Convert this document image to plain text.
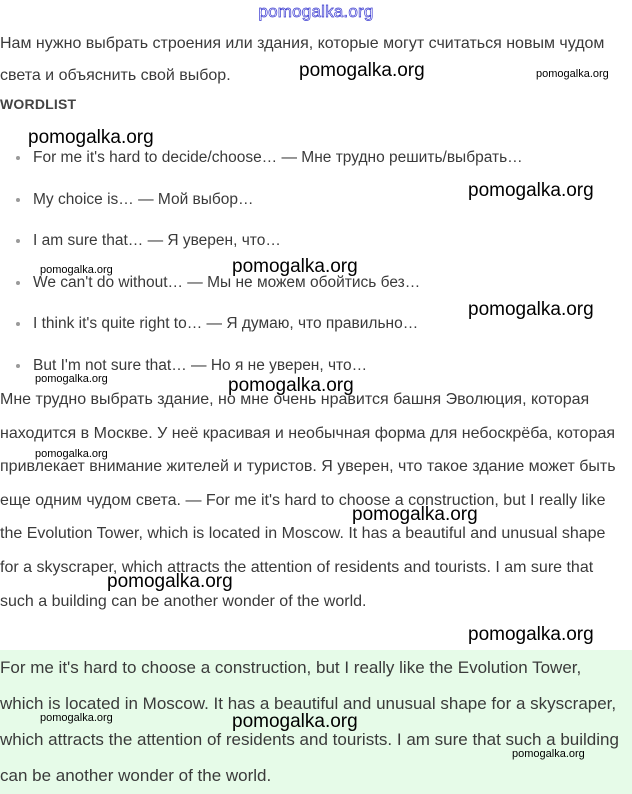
pomogalka.org

Нам нужно выбрать строения или здания, которые могут считаться новым чудом света и объяснить свой выбор.

WORDLIST

For me it's hard to decide/choose… — Мне трудно решить/выбрать…
My choice is… — Мой выбор…
I am sure that… — Я уверен, что…
We can't do without… — Мы не можем обойтись без…
I think it's quite right to… — Я думаю, что правильно…
But I'm not sure that… — Но я не уверен, что…

Мне трудно выбрать здание, но мне очень нравится башня Эволюция, которая находится в Москве. У неё красивая и необычная форма для небоскрёба, которая привлекает внимание жителей и туристов. Я уверен, что такое здание может быть еще одним чудом света. — For me it's hard to choose a construction, but I really like the Evolution Tower, which is located in Moscow. It has a beautiful and unusual shape for a skyscraper, which attracts the attention of residents and tourists. I am sure that such a building can be another wonder of the world.

For me it's hard to choose a construction, but I really like the Evolution Tower, which is located in Moscow. It has a beautiful and unusual shape for a skyscraper, which attracts the attention of residents and tourists. I am sure that such a building can be another wonder of the world.
pomogalka.org	pomogalka.org
pomogalka.org
pomogalka.org
pomogalka.org	pomogalka.org
pomogalka.org
pomogalka.org	pomogalka.org
pomogalka.org
pomogalka.org
pomogalka.org
pomogalka.org
pomogalka.org	pomogalka.org
pomogalka.org
